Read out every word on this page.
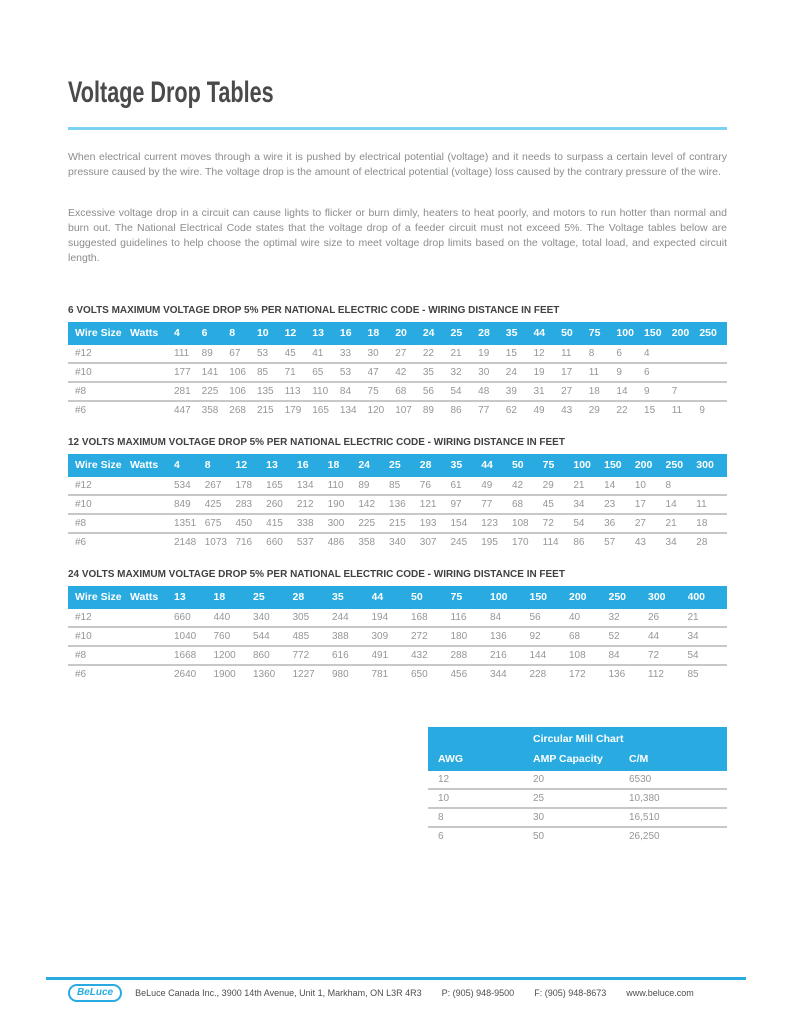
Voltage Drop Tables

When electrical current moves through a wire it is pushed by electrical potential (voltage) and it needs to surpass a certain level of contrary pressure caused by the wire. The voltage drop is the amount of electrical potential (voltage) loss caused by the contrary pressure of the wire.

Excessive voltage drop in a circuit can cause lights to flicker or burn dimly, heaters to heat poorly, and motors to run hotter than normal and burn out. The National Electrical Code states that the voltage drop of a feeder circuit must not exceed 5%. The Voltage tables below are suggested guidelines to help choose the optimal wire size to meet voltage drop limits based on the voltage, total load, and expected circuit length.

6 VOLTS MAXIMUM VOLTAGE DROP 5% PER NATIONAL ELECTRIC CODE - WIRING DISTANCE IN FEET
Wire Size Watts	4	6	8	10	12	13	16	18	20	24	25	28	35	44	50	75	100 150 200 250
#12	111	89	67	53	45	41	33	30	27	22	21	19	15	12	11	8	6	4
#10	177	141	106	85	71	65	53	47	42	35	32	30	24	19	17	11	9	6
#8	281	225	106	135	113	110	84	75	68	56	54	48	39	31	27	18	14	9	7
#6	447	358	268	215	179	165	134	120	107	89	86	77	62	49	43	29	22	15	11	9
12 VOLTS MAXIMUM VOLTAGE DROP 5% PER NATIONAL ELECTRIC CODE - WIRING DISTANCE IN FEET
Wire Size Watts	4	8	12	13	16	18	24	25	28	35	44	50	75	100	150	200	250	300
#12	534	267	178	165	134	110	89	85	76	61	49	42	29	21	14	10	8
#10	849	425	283	260	212	190	142	136	121	97	77	68	45	34	23	17	14	11
#8	1351 675	450	415	338	300	225	215	193	154	123	108	72	54	36	27	21	18
#6	2148 1073 716	660	537	486	358	340	307	245	195	170	114	86	57	43	34	28
24 VOLTS MAXIMUM VOLTAGE DROP 5% PER NATIONAL ELECTRIC CODE - WIRING DISTANCE IN FEET
Wire Size Watts	13	18	25	28	35	44	50	75	100	150	200	250	300	400
#12	660	440	340	305	244	194	168	116	84	56	40	32	26	21
#10	1040	760	544	485	388	309	272	180	136	92	68	52	44	34
#8	1668	1200	860	772	616	491	432	288	216	144	108	84	72	54
#6	2640	1900	1360	1227	980	781	650	456	344	228	172	136	112	85
Circular Mill Chart
AWG	AMP Capacity	C/M
12	20	6530
10	25	10,380
8	30	16,510
6	50	26,250
BeLuce	BeLuce Canada Inc., 3900 14th Avenue, Unit 1, Markham, ON L3R 4R3 P: (905) 948-9500 F: (905) 948-8673 www.beluce.com
